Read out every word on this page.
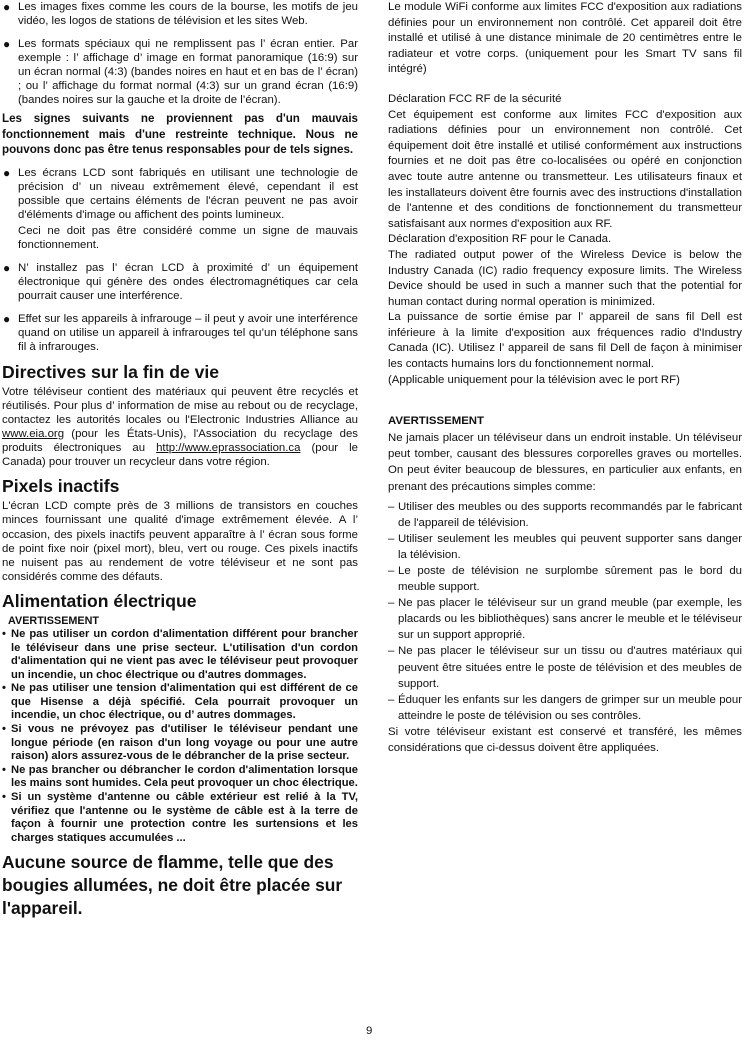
● Les images fixes comme les cours de la bourse, les motifs de jeu vidéo, les logos de stations de télévision et les sites Web.
● Les formats spéciaux qui ne remplissent pas l’ écran entier. Par exemple : l’ affichage d’ image en format panoramique (16:9) sur un écran normal (4:3) (bandes noires en haut et en bas de l’ écran) ; ou l’ affichage du format normal (4:3) sur un grand écran (16:9) (bandes noires sur la gauche et la droite de l’écran).

Les signes suivants ne proviennent pas d'un mauvais fonctionnement mais d'une restreinte technique. Nous ne pouvons donc pas être tenus responsables pour de tels signes.

● Les écrans LCD sont fabriqués en utilisant une technologie de précision d’ un niveau extrêmement élevé, cependant il est possible que certains éléments de l'écran peuvent ne pas avoir d'éléments d'image ou affichent des points lumineux.
Ceci ne doit pas être considéré comme un signe de mauvais fonctionnement.
● N’ installez pas l’ écran LCD à proximité d’ un équipement électronique qui génère des ondes électromagnétiques car cela pourrait causer une interférence.
● Effet sur les appareils à infrarouge – il peut y avoir une interférence quand on utilise un appareil à infrarouges tel qu’un téléphone sans fil à infrarouges.
Directives sur la fin de vie

Votre téléviseur contient des matériaux qui peuvent être recyclés et réutilisés. Pour plus d’ information de mise au rebout ou de recyclage, contactez les autorités locales ou l'Electronic Industries Alliance au www.eia.org (pour les États-Unis), l'Association du recyclage des produits électroniques au http://www.eprassociation.ca (pour le Canada) pour trouver un recycleur dans votre région.

Pixels inactifs

L'écran LCD compte près de 3 millions de transistors en couches minces fournissant une qualité d'image extrêmement élevée. A l’ occasion, des pixels inactifs peuvent apparaître à l’ écran sous forme de point fixe noir (pixel mort), bleu, vert ou rouge. Ces pixels inactifs ne nuisent pas au rendement de votre téléviseur et ne sont pas considérés comme des défauts.

Alimentation électrique
AVERTISSEMENT
• Ne pas utiliser un cordon d'alimentation différent pour brancher le téléviseur dans une prise secteur. L'utilisation d'un cordon d'alimentation qui ne vient pas avec le téléviseur peut provoquer un incendie, un choc électrique ou d'autres dommages.
• Ne pas utiliser une tension d'alimentation qui est différent de ce que Hisense a déjà spécifié. Cela pourrait provoquer un incendie, un choc électrique, ou d’ autres dommages.
• Si vous ne prévoyez pas d'utiliser le téléviseur pendant une longue période (en raison d'un long voyage ou pour une autre raison) alors assurez-vous de le débrancher de la prise secteur.
• Ne pas brancher ou débrancher le cordon d'alimentation lorsque les mains sont humides. Cela peut provoquer un choc électrique.
• Si un système d'antenne ou câble extérieur est relié à la TV, vérifiez que l'antenne ou le système de câble est à la terre de façon à fournir une protection contre les surtensions et les charges statiques accumulées ...

Aucune source de flamme, telle que des bougies allumées, ne doit être placée sur l'appareil.

Le module WiFi conforme aux limites FCC d'exposition aux radiations définies pour un environnement non contrôlé. Cet appareil doit être installé et utilisé à une distance minimale de 20 centimètres entre le radiateur et votre corps. (uniquement pour les Smart TV sans fil intégré)

Déclaration FCC RF de la sécurité

Cet équipement est conforme aux limites FCC d'exposition aux radiations définies pour un environnement non contrôlé. Cet équipement doit être installé et utilisé conformément aux instructions fournies et ne doit pas être co-localisées ou opéré en conjonction avec toute autre antenne ou transmetteur. Les utilisateurs finaux et les installateurs doivent être fournis avec des instructions d'installation de l'antenne et des conditions de fonctionnement du transmetteur satisfaisant aux normes d'exposition aux RF.

Déclaration d'exposition RF pour le Canada.

The radiated output power of the Wireless Device is below the Industry Canada (IC) radio frequency exposure limits. The Wireless Device should be used in such a manner such that the potential for human contact during normal operation is minimized.

La puissance de sortie émise par l’ appareil de sans fil Dell est inférieure à la limite d'exposition aux fréquences radio d'Industry Canada (IC). Utilisez l’ appareil de sans fil Dell de façon à minimiser les contacts humains lors du fonctionnement normal.

(Applicable uniquement pour la télévision avec le port RF)

AVERTISSEMENT

Ne jamais placer un téléviseur dans un endroit instable. Un téléviseur peut tomber, causant des blessures corporelles graves ou mortelles. On peut éviter beaucoup de blessures, en particulier aux enfants, en prenant des précautions simples comme:

– Utiliser des meubles ou des supports recommandés par le fabricant de l'appareil de télévision.
– Utiliser seulement les meubles qui peuvent supporter sans danger la télévision.
– Le poste de télévision ne surplombe sûrement pas le bord du meuble support.
– Ne pas placer le téléviseur sur un grand meuble (par exemple, les placards ou les bibliothèques) sans ancrer le meuble et le téléviseur sur un support approprié.
– Ne pas placer le téléviseur sur un tissu ou d'autres matériaux qui peuvent être situées entre le poste de télévision et des meubles de support.
– Éduquer les enfants sur les dangers de grimper sur un meuble pour atteindre le poste de télévision ou ses contrôles.

Si votre téléviseur existant est conservé et transféré, les mêmes considérations que ci-dessus doivent être appliquées.

9
